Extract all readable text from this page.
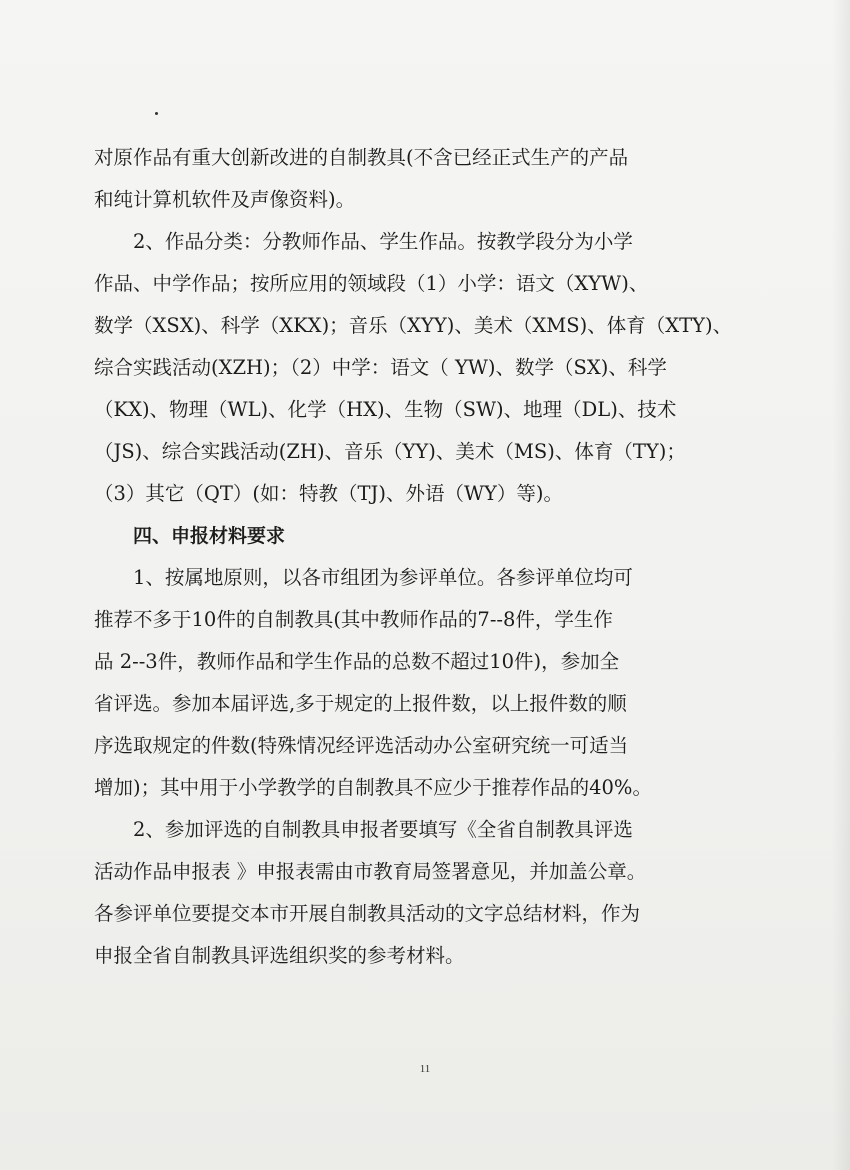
对原作品有重大创新改进的自制教具(不含已经正式生产的产品
和纯计算机软件及声像资料)。
2、作品分类：分教师作品、学生作品。按教学段分为小学
作品、中学作品；按所应用的领域段（1）小学：语文（XYW)、
数学（XSX)、科学（XKX)；音乐（XYY)、美术（XMS)、体育（XTY)、
综合实践活动(XZH)；（2）中学：语文（ YW)、数学（SX)、科学
（KX)、物理（WL)、化学（HX)、生物（SW)、地理（DL)、技术
（JS)、综合实践活动(ZH)、音乐（YY)、美术（MS)、体育（TY)；
（3）其它（QT）(如：特教（TJ)、外语（WY）等)。
四、申报材料要求
1、按属地原则，以各市组团为参评单位。各参评单位均可
推荐不多于10件的自制教具(其中教师作品的7--8件，学生作
品 2--3件，教师作品和学生作品的总数不超过10件)，参加全
省评选。参加本届评选,多于规定的上报件数，以上报件数的顺
序选取规定的件数(特殊情况经评选活动办公室研究统一可适当
增加)；其中用于小学教学的自制教具不应少于推荐作品的40%。
2、参加评选的自制教具申报者要填写《全省自制教具评选
活动作品申报表 》申报表需由市教育局签署意见，并加盖公章。
各参评单位要提交本市开展自制教具活动的文字总结材料，作为
申报全省自制教具评选组织奖的参考材料。
11
